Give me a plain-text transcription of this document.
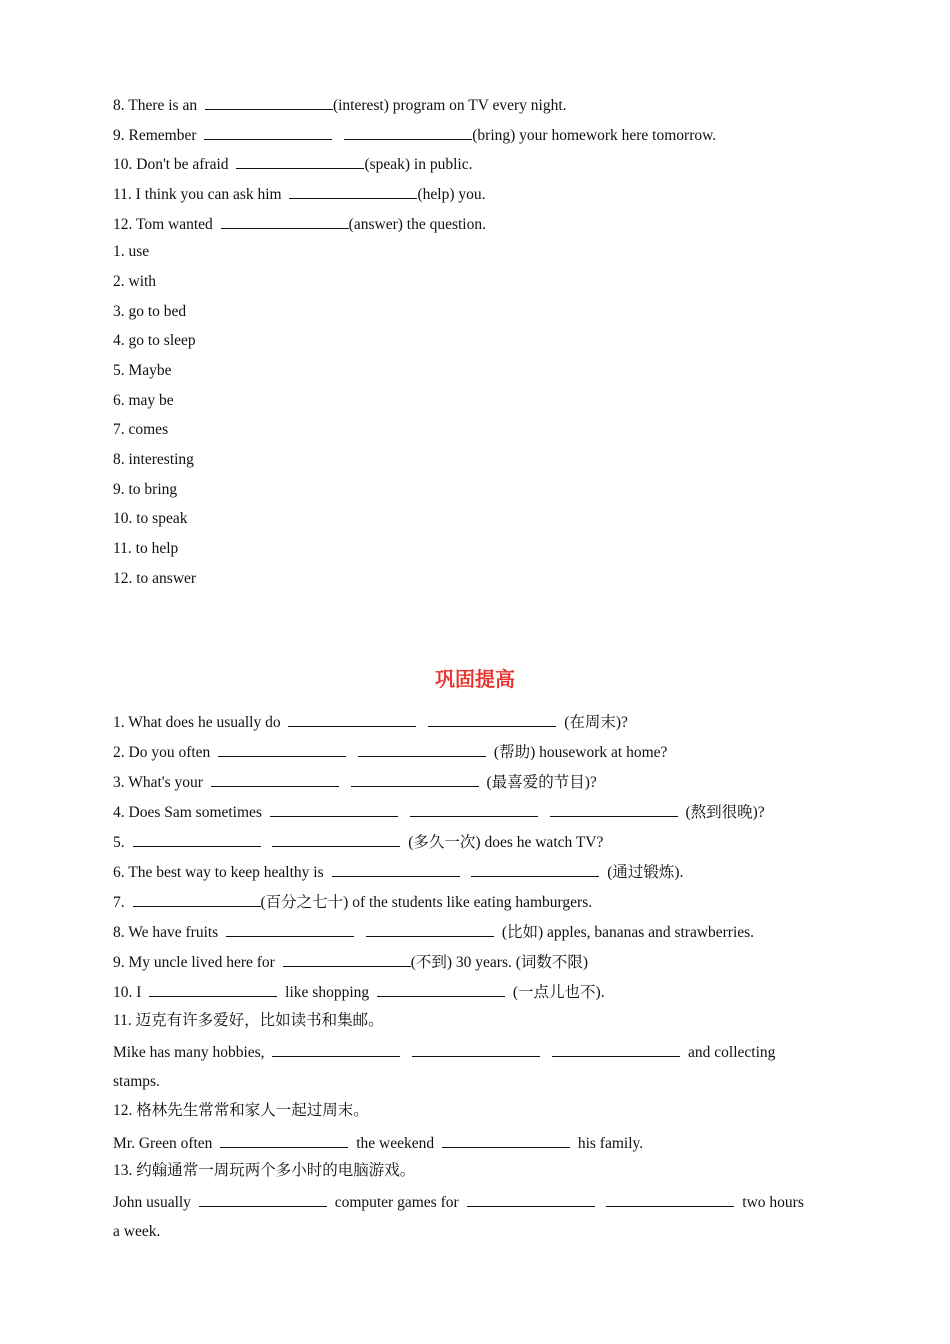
8. There is an	(interest) program on TV every night.
9. Remember	(bring) your homework here tomorrow.
10. Don't be afraid	(speak) in public.
11. I think you can ask him	(help) you.
12. Tom wanted	(answer) the question.
1. use
2. with
3. go to bed
4. go to sleep
5. Maybe
6. may be
7. comes
8. interesting
9. to bring
10. to speak
11. to help
12. to answer
巩固提高
1. What does he usually do	(在周末)?
2. Do you often	(帮助) housework at home?
3. What's your	(最喜爱的节目)?
4. Does Sam sometimes	(熬到很晚)?
5.	(多久一次) does he watch TV?
6. The best way to keep healthy is	(通过锻炼).
7.	(百分之七十) of the students like eating hamburgers.
8. We have fruits	(比如) apples, bananas and strawberries.
9. My uncle lived here for	(不到) 30 years. (词数不限)
10. I	like shopping	(一点儿也不).
11. 迈克有许多爱好，比如读书和集邮。
Mike has many hobbies,	and collecting
stamps.
12. 格林先生常常和家人一起过周末。
Mr. Green often	the weekend	his family.
13. 约翰通常一周玩两个多小时的电脑游戏。
John usually	computer games for	two hours
a week.
